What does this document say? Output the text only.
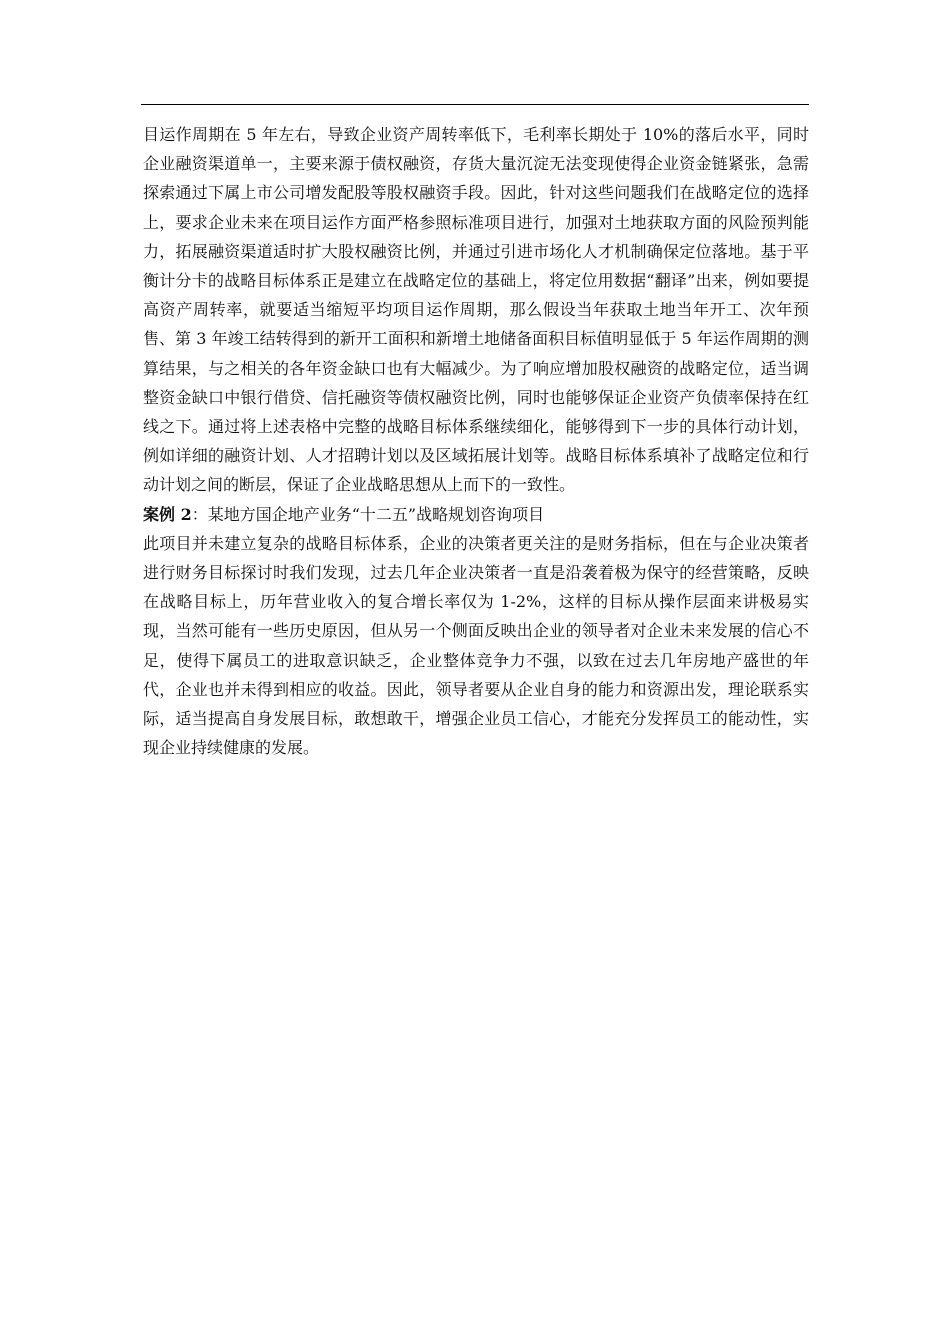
目运作周期在 5 年左右，导致企业资产周转率低下，毛利率长期处于 10%的落后水平，同时企业融资渠道单一，主要来源于债权融资，存货大量沉淀无法变现使得企业资金链紧张，急需探索通过下属上市公司增发配股等股权融资手段。因此，针对这些问题我们在战略定位的选择上，要求企业未来在项目运作方面严格参照标准项目进行，加强对土地获取方面的风险预判能力，拓展融资渠道适时扩大股权融资比例，并通过引进市场化人才机制确保定位落地。基于平衡计分卡的战略目标体系正是建立在战略定位的基础上，将定位用数据“翻译”出来，例如要提高资产周转率，就要适当缩短平均项目运作周期，那么假设当年获取土地当年开工、次年预售、第 3 年竣工结转得到的新开工面积和新增土地储备面积目标值明显低于 5 年运作周期的测算结果，与之相关的各年资金缺口也有大幅减少。为了响应增加股权融资的战略定位，适当调整资金缺口中银行借贷、信托融资等债权融资比例，同时也能够保证企业资产负债率保持在红线之下。通过将上述表格中完整的战略目标体系继续细化，能够得到下一步的具体行动计划，例如详细的融资计划、人才招聘计划以及区域拓展计划等。战略目标体系填补了战略定位和行动计划之间的断层，保证了企业战略思想从上而下的一致性。

案例 2：某地方国企地产业务“十二五”战略规划咨询项目

此项目并未建立复杂的战略目标体系，企业的决策者更关注的是财务指标，但在与企业决策者进行财务目标探讨时我们发现，过去几年企业决策者一直是沿袭着极为保守的经营策略，反映在战略目标上，历年营业收入的复合增长率仅为 1-2%，这样的目标从操作层面来讲极易实现，当然可能有一些历史原因，但从另一个侧面反映出企业的领导者对企业未来发展的信心不足，使得下属员工的进取意识缺乏，企业整体竞争力不强，以致在过去几年房地产盛世的年代，企业也并未得到相应的收益。因此，领导者要从企业自身的能力和资源出发，理论联系实际，适当提高自身发展目标，敢想敢干，增强企业员工信心，才能充分发挥员工的能动性，实现企业持续健康的发展。
